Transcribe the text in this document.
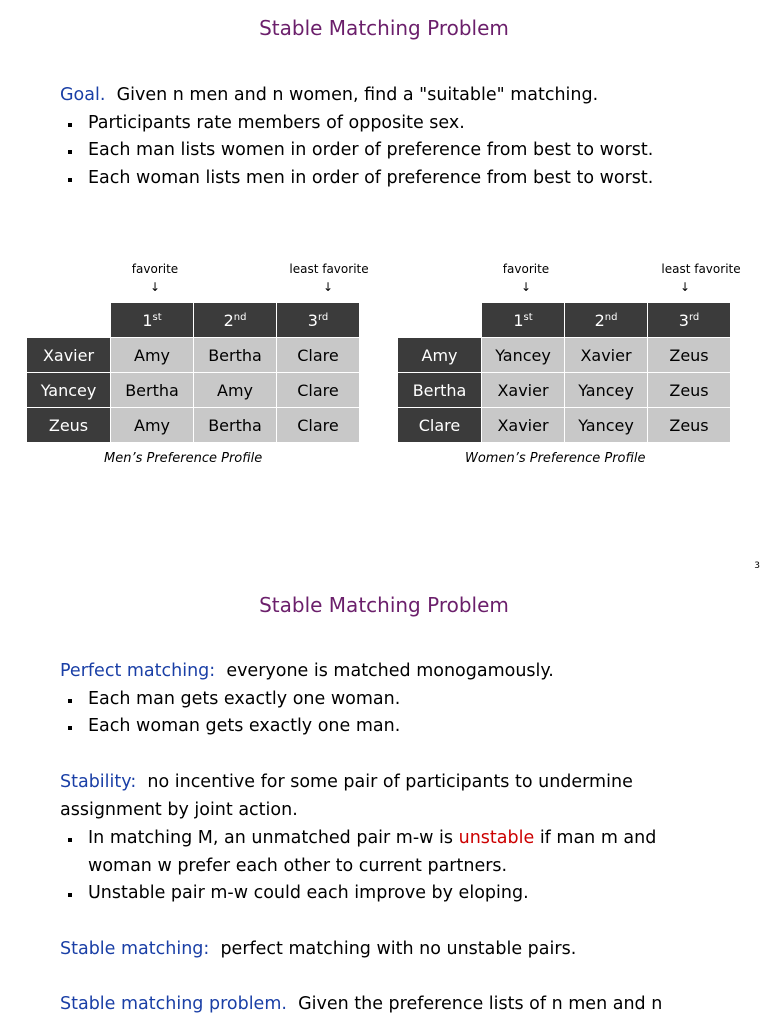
Stable Matching Problem
Goal. Given n men and n women, find a "suitable" matching.
Participants rate members of opposite sex.
Each man lists women in order of preference from best to worst.
Each woman lists men in order of preference from best to worst.
favorite
↓
least favorite
↓
favorite
↓
least favorite
↓
	1st	2nd	3rd
Xavier	Amy	Bertha	Clare
Yancey	Bertha	Amy	Clare
Zeus	Amy	Bertha	Clare
Men’s Preference Profile
	1st	2nd	3rd
Amy	Yancey	Xavier	Zeus
Bertha	Xavier	Yancey	Zeus
Clare	Xavier	Yancey	Zeus
Women’s Preference Profile
3
Stable Matching Problem
Perfect matching: everyone is matched monogamously.
Each man gets exactly one woman.
Each woman gets exactly one man.
Stability: no incentive for some pair of participants to undermine
assignment by joint action.
In matching M, an unmatched pair m-w is unstable if man m and
woman w prefer each other to current partners.
Unstable pair m-w could each improve by eloping.
Stable matching: perfect matching with no unstable pairs.
Stable matching problem. Given the preference lists of n men and n
